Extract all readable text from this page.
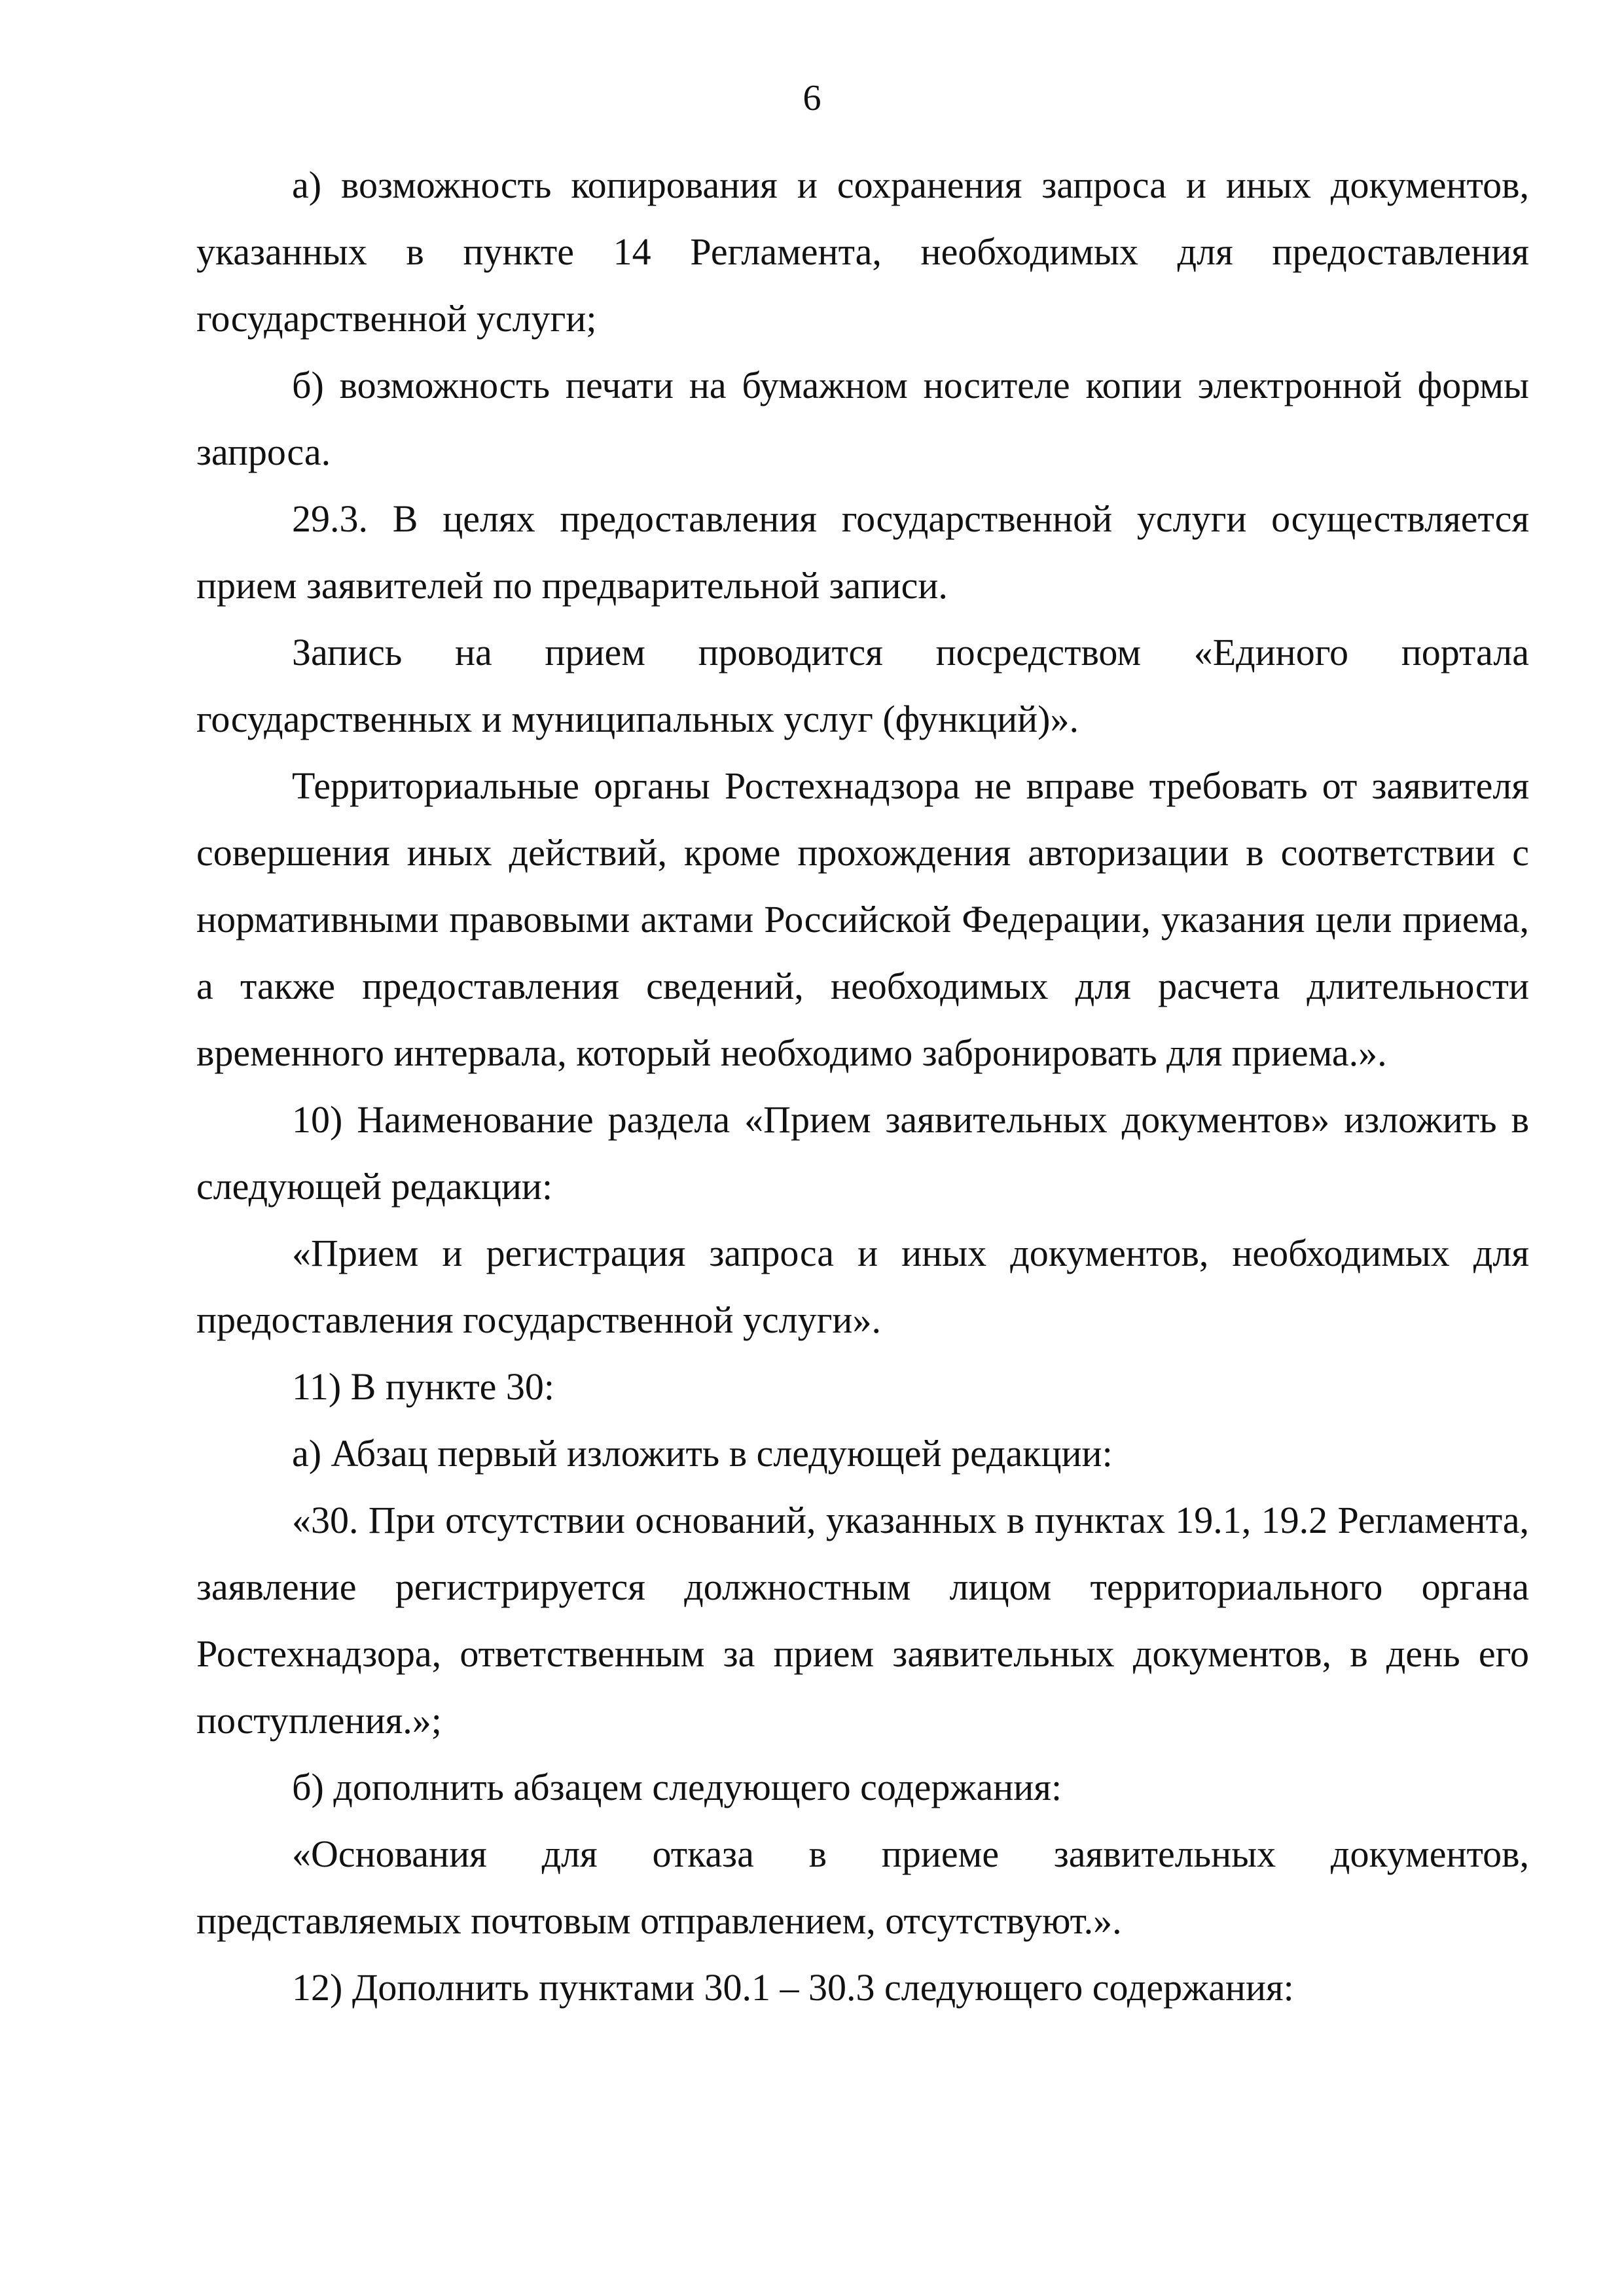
6

а) возможность копирования и сохранения запроса и иных документов, указанных в пункте 14 Регламента, необходимых для предоставления государственной услуги;

б) возможность печати на бумажном носителе копии электронной формы запроса.

29.3. В целях предоставления государственной услуги осуществляется прием заявителей по предварительной записи.

Запись на прием проводится посредством «Единого портала государственных и муниципальных услуг (функций)».

Территориальные органы Ростехнадзора не вправе требовать от заявителя совершения иных действий, кроме прохождения авторизации в соответствии с нормативными правовыми актами Российской Федерации, указания цели приема, а также предоставления сведений, необходимых для расчета длительности временного интервала, который необходимо забронировать для приема.».

10) Наименование раздела «Прием заявительных документов» изложить в следующей редакции:

«Прием и регистрация запроса и иных документов, необходимых для предоставления государственной услуги».

11) В пункте 30:

а) Абзац первый изложить в следующей редакции:

«30. При отсутствии оснований, указанных в пунктах 19.1, 19.2 Регламента, заявление регистрируется должностным лицом территориального органа Ростехнадзора, ответственным за прием заявительных документов, в день его поступления.»;

б) дополнить абзацем следующего содержания:

«Основания для отказа в приеме заявительных документов, представляемых почтовым отправлением, отсутствуют.».

12) Дополнить пунктами 30.1 – 30.3 следующего содержания:
